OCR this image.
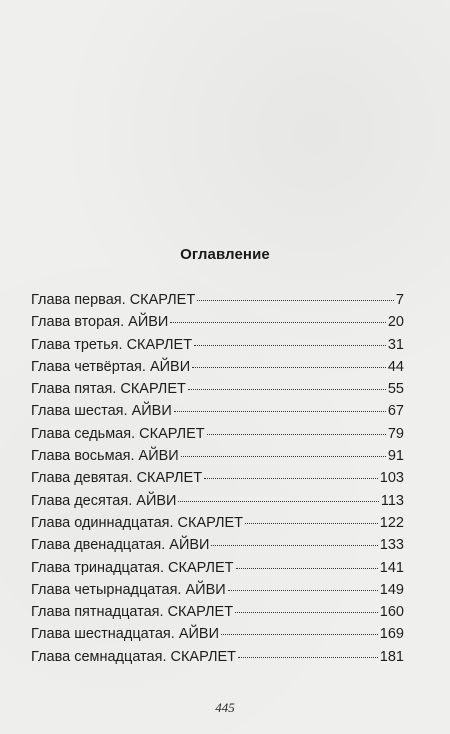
Оглавление
Глава первая. СКАРЛЕТ	7
Глава вторая. АЙВИ	20
Глава третья. СКАРЛЕТ	31
Глава четвёртая. АЙВИ	44
Глава пятая. СКАРЛЕТ	55
Глава шестая. АЙВИ	67
Глава седьмая. СКАРЛЕТ	79
Глава восьмая. АЙВИ	91
Глава девятая. СКАРЛЕТ	103
Глава десятая. АЙВИ	113
Глава одиннадцатая. СКАРЛЕТ	122
Глава двенадцатая. АЙВИ	133
Глава тринадцатая. СКАРЛЕТ	141
Глава четырнадцатая. АЙВИ	149
Глава пятнадцатая. СКАРЛЕТ	160
Глава шестнадцатая. АЙВИ	169
Глава семнадцатая. СКАРЛЕТ	181
445
